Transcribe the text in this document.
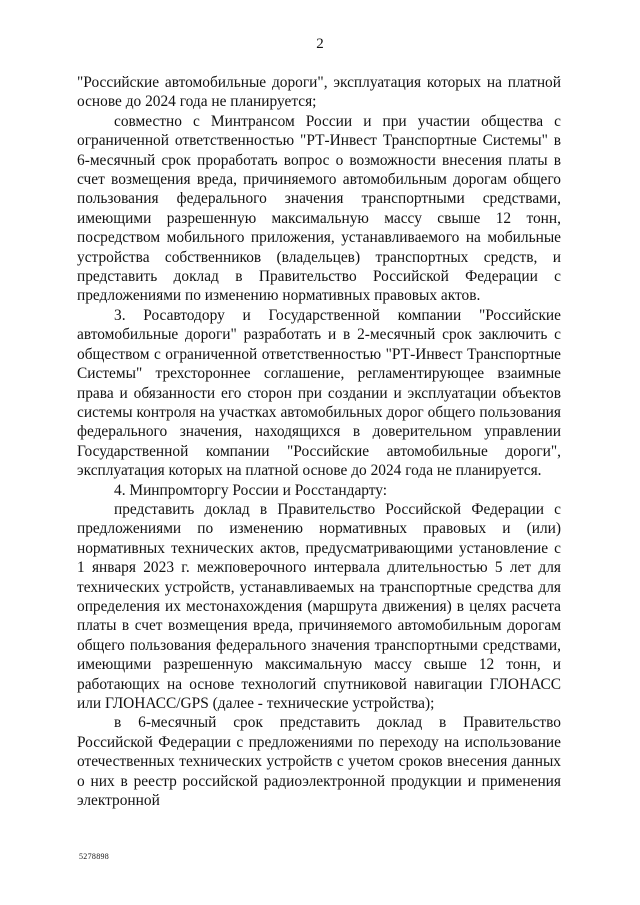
2

"Российские автомобильные дороги", эксплуатация которых на платной основе до 2024 года не планируется;

совместно с Минтрансом России и при участии общества с ограниченной ответственностью "РТ-Инвест Транспортные Системы" в 6-месячный срок проработать вопрос о возможности внесения платы в счет возмещения вреда, причиняемого автомобильным дорогам общего пользования федерального значения транспортными средствами, имеющими разрешенную максимальную массу свыше 12 тонн, посредством мобильного приложения, устанавливаемого на мобильные устройства собственников (владельцев) транспортных средств, и представить доклад в Правительство Российской Федерации с предложениями по изменению нормативных правовых актов.

3. Росавтодору и Государственной компании "Российские автомобильные дороги" разработать и в 2-месячный срок заключить с обществом с ограниченной ответственностью "РТ-Инвест Транспортные Системы" трехстороннее соглашение, регламентирующее взаимные права и обязанности его сторон при создании и эксплуатации объектов системы контроля на участках автомобильных дорог общего пользования федерального значения, находящихся в доверительном управлении Государственной компании "Российские автомобильные дороги", эксплуатация которых на платной основе до 2024 года не планируется.

4. Минпромторгу России и Росстандарту:

представить доклад в Правительство Российской Федерации с предложениями по изменению нормативных правовых и (или) нормативных технических актов, предусматривающими установление с 1 января 2023 г. межповерочного интервала длительностью 5 лет для технических устройств, устанавливаемых на транспортные средства для определения их местонахождения (маршрута движения) в целях расчета платы в счет возмещения вреда, причиняемого автомобильным дорогам общего пользования федерального значения транспортными средствами, имеющими разрешенную максимальную массу свыше 12 тонн, и работающих на основе технологий спутниковой навигации ГЛОНАСС или ГЛОНАСС/GPS (далее - технические устройства);

в 6-месячный срок представить доклад в Правительство Российской Федерации с предложениями по переходу на использование отечественных технических устройств с учетом сроков внесения данных о них в реестр российской радиоэлектронной продукции и применения электронной

5278898
